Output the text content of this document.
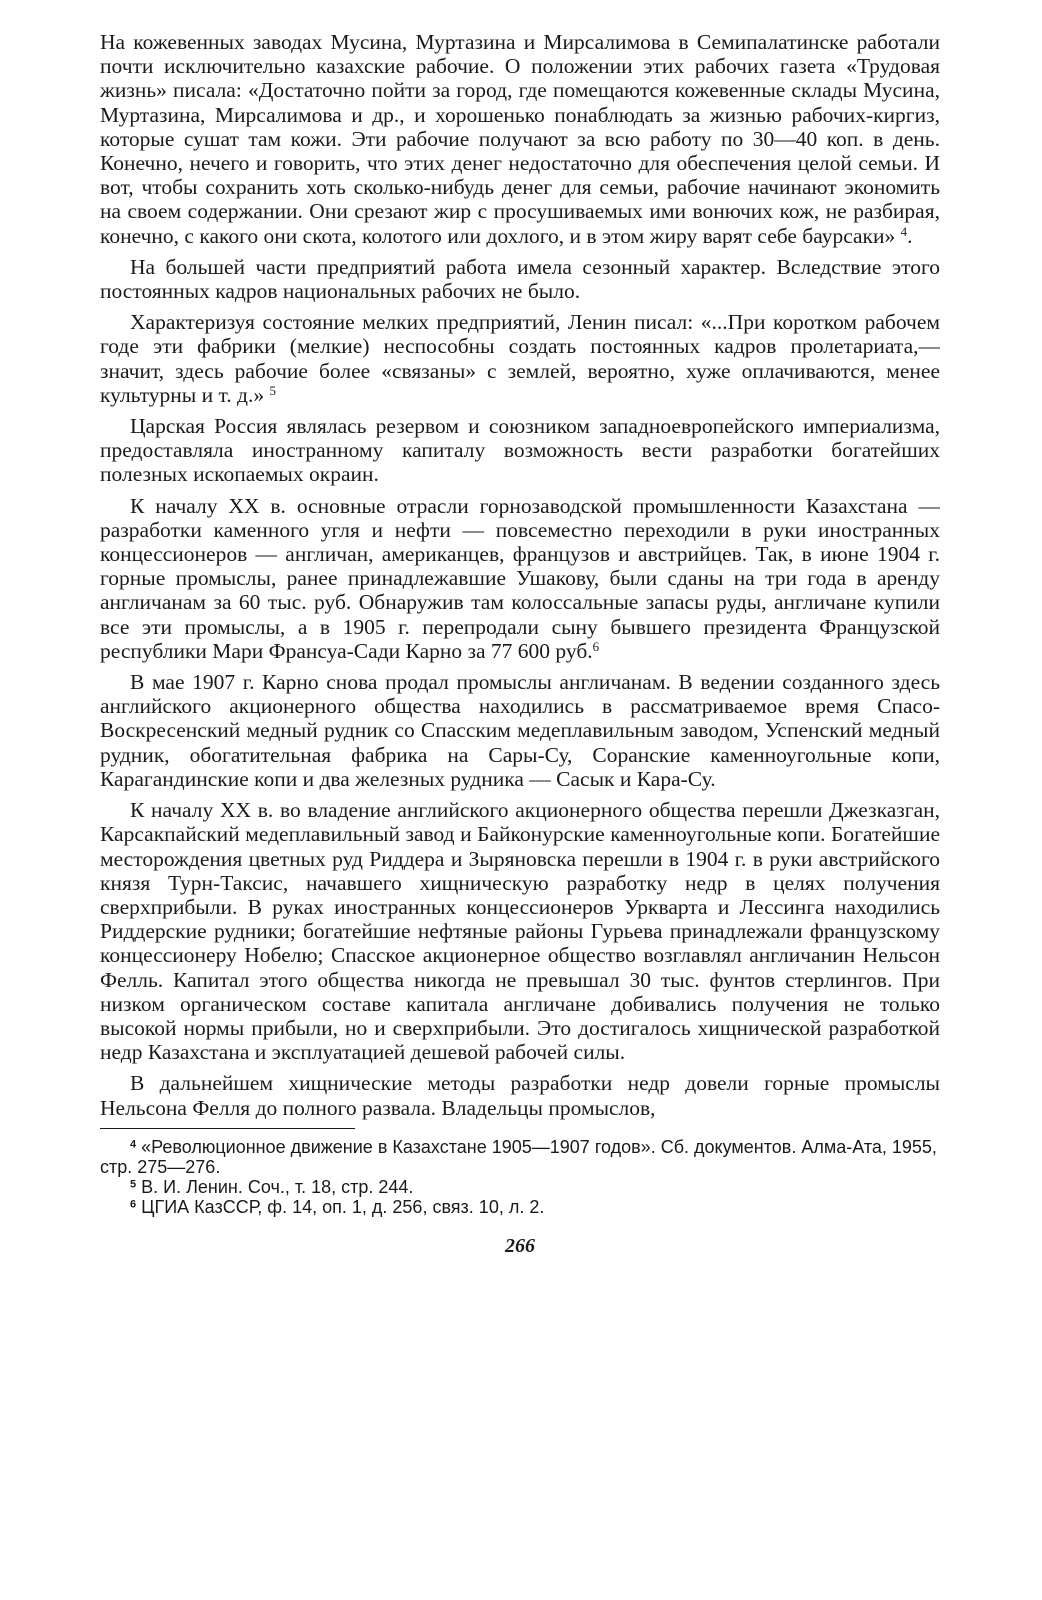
На кожевенных заводах Мусина, Муртазина и Мирсалимова в Семипалатинске работали почти исключительно казахские рабочие. О положении этих рабочих газета «Трудовая жизнь» писала: «Достаточно пойти за город, где помещаются кожевенные склады Мусина, Муртазина, Мирсалимова и др., и хорошенько понаблюдать за жизнью рабочих-киргиз, которые сушат там кожи. Эти рабочие получают за всю работу по 30—40 коп. в день. Конечно, нечего и говорить, что этих денег недостаточно для обеспечения целой семьи. И вот, чтобы сохранить хоть сколько-нибудь денег для семьи, рабочие начинают экономить на своем содержании. Они срезают жир с просушиваемых ими вонючих кож, не разбирая, конечно, с какого они скота, колотого или дохлого, и в этом жиру варят себе баурсаки» $^4$.

На большей части предприятий работа имела сезонный характер. Вследствие этого постоянных кадров национальных рабочих не было.

Характеризуя состояние мелких предприятий, Ленин писал: «...При коротком рабочем годе эти фабрики (мелкие) неспособны создать постоянных кадров пролетариата,— значит, здесь рабочие более «связаны» с землей, вероятно, хуже оплачиваются, менее культурны и т. д.» $^5$

Царская Россия являлась резервом и союзником западноевропейского империализма, предоставляла иностранному капиталу возможность вести разработки богатейших полезных ископаемых окраин.

К началу XX в. основные отрасли горнозаводской промышленности Казахстана — разработки каменного угля и нефти — повсеместно переходили в руки иностранных концессионеров — англичан, американцев, французов и австрийцев. Так, в июне 1904 г. горные промыслы, ранее принадлежавшие Ушакову, были сданы на три года в аренду англичанам за 60 тыс. руб. Обнаружив там колоссальные запасы руды, англичане купили все эти промыслы, а в 1905 г. перепродали сыну бывшего президента Французской республики Мари Франсуа-Сади Карно за 77 600 руб.$^6$

В мае 1907 г. Карно снова продал промыслы англичанам. В ведении созданного здесь английского акционерного общества находились в рассматриваемое время Спасо-Воскресенский медный рудник со Спасским медеплавильным заводом, Успенский медный рудник, обогатительная фабрика на Сары-Су, Соранские каменноугольные копи, Карагандинские копи и два железных рудника — Сасык и Кара-Су.

К началу XX в. во владение английского акционерного общества перешли Джезказган, Карсакпайский медеплавильный завод и Байконурские каменноугольные копи. Богатейшие месторождения цветных руд Риддера и Зыряновска перешли в 1904 г. в руки австрийского князя Турн-Таксис, начавшего хищническую разработку недр в целях получения сверхприбыли. В руках иностранных концессионеров Уркварта и Лессинга находились Риддерские рудники; богатейшие нефтяные районы Гурьева принадлежали французскому концессионеру Нобелю; Спасское акционерное общество возглавлял англичанин Нельсон Фелль. Капитал этого общества никогда не превышал 30 тыс. фунтов стерлингов. При низком органическом составе капитала англичане добивались получения не только высокой нормы прибыли, но и сверхприбыли. Это достигалось хищнической разработкой недр Казахстана и эксплуатацией дешевой рабочей силы.

В дальнейшем хищнические методы разработки недр довели горные промыслы Нельсона Фелля до полного развала. Владельцы промыслов,

$^4$ «Революционное движение в Казахстане 1905—1907 годов». Сб. документов. Алма-Ата, 1955, стр. 275—276.

$^5$ В. И. Ленин. Соч., т. 18, стр. 244.

$^6$ ЦГИА КазССР, ф. 14, оп. 1, д. 256, связ. 10, л. 2.

266
